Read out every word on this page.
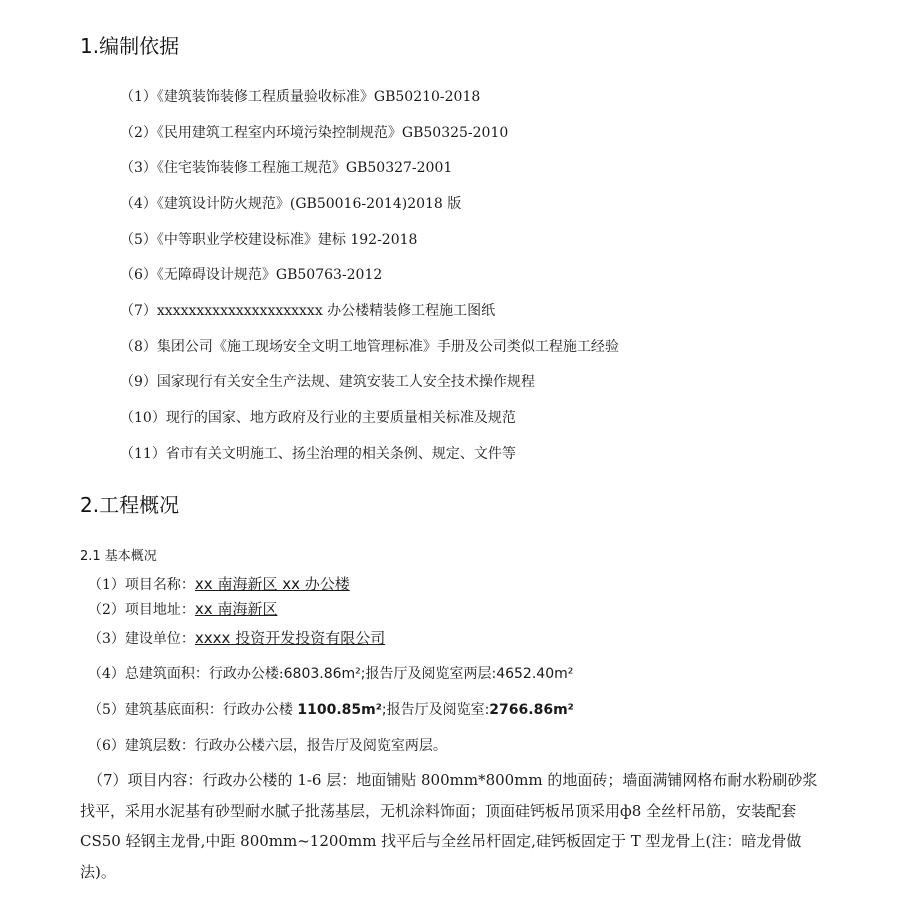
1.编制依据
（1）《建筑装饰装修工程质量验收标准》GB50210-2018
（2）《民用建筑工程室内环境污染控制规范》GB50325-2010
（3）《住宅装饰装修工程施工规范》GB50327-2001
（4）《建筑设计防火规范》(GB50016-2014)2018 版
（5）《中等职业学校建设标准》建标 192-2018
（6）《无障碍设计规范》GB50763-2012
（7）xxxxxxxxxxxxxxxxxxxxx 办公楼精装修工程施工图纸
（8）集团公司《施工现场安全文明工地管理标准》手册及公司类似工程施工经验
（9）国家现行有关安全生产法规、建筑安装工人安全技术操作规程
（10）现行的国家、地方政府及行业的主要质量相关标准及规范
（11）省市有关文明施工、扬尘治理的相关条例、规定、文件等
2.工程概况
2.1 基本概况
（1）项目名称：xx 南海新区 xx 办公楼
（2）项目地址：xx 南海新区
（3）建设单位：xxxx 投资开发投资有限公司
（4）总建筑面积：行政办公楼:6803.86m²;报告厅及阅览室两层:4652.40m²
（5）建筑基底面积：行政办公楼 1100.85m²;报告厅及阅览室:2766.86m²
（6）建筑层数：行政办公楼六层，报告厅及阅览室两层。
（7）项目内容：行政办公楼的 1-6 层：地面铺贴 800mm*800mm 的地面砖；墙面满铺网格布耐水粉刷砂浆找平，采用水泥基有砂型耐水腻子批荡基层，无机涂料饰面；顶面硅钙板吊顶采用ф8 全丝杆吊筋，安装配套 CS50 轻钢主龙骨,中距 800mm~1200mm 找平后与全丝吊杆固定,硅钙板固定于 T 型龙骨上(注：暗龙骨做法)。
